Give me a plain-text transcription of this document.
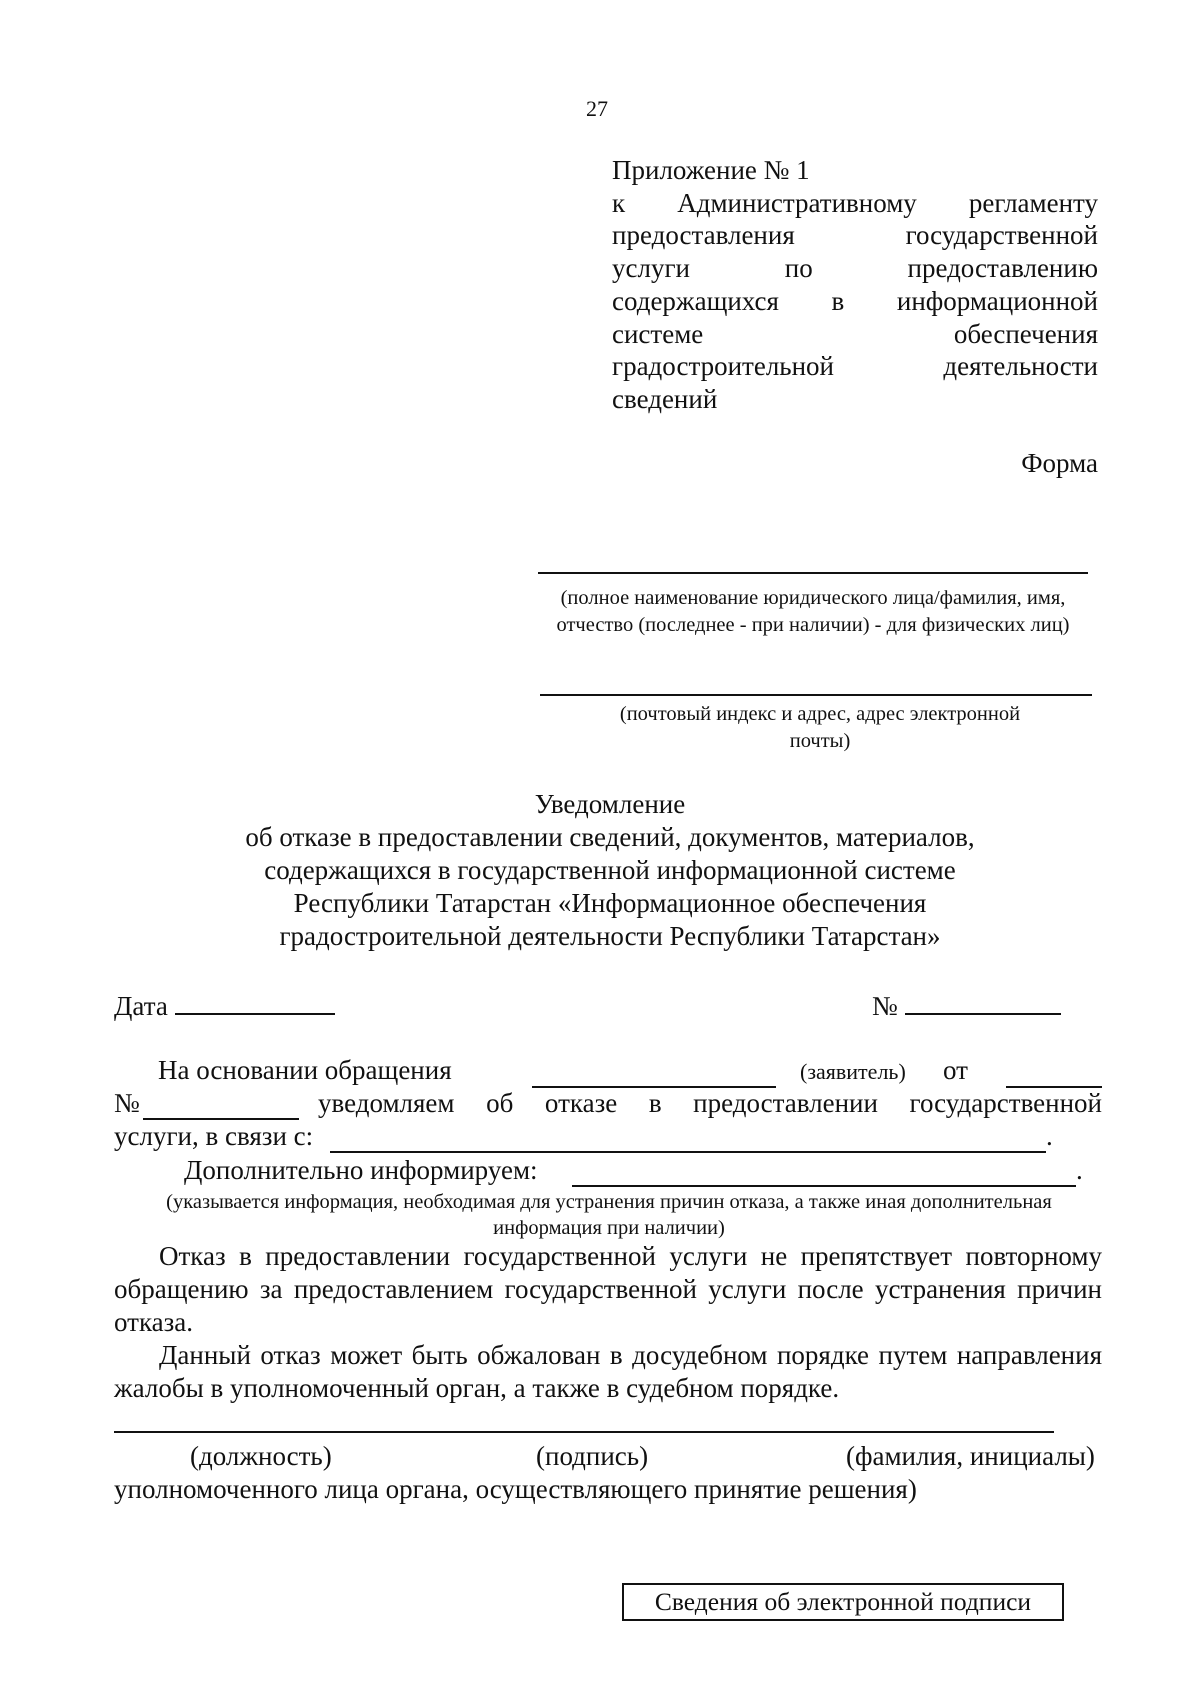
27
Приложение № 1
к Административному регламенту
предоставления государственной
услуги по предоставлению
содержащихся в информационной
системе обеспечения
градостроительной деятельности
сведений
Форма
(полное наименование юридического лица/фамилия, имя, отчество (последнее - при наличии) - для физических лиц)
(почтовый индекс и адрес, адрес электронной почты)
Уведомление
об отказе в предоставлении сведений, документов, материалов,
содержащихся в государственной информационной системе
Республики Татарстан «Информационное обеспечения
градостроительной деятельности Республики Татарстан»
Дата	№
На основании обращения	(заявитель) от
№	уведомляем об отказе в предоставлении государственной
услуги, в связи с:	.
Дополнительно информируем:	.
(указывается информация, необходимая для устранения причин отказа, а также иная дополнительная информация при наличии)
Отказ в предоставлении государственной услуги не препятствует повторному обращению за предоставлением государственной услуги после устранения причин отказа.
Данный отказ может быть обжалован в досудебном порядке путем направления жалобы в уполномоченный орган, а также в судебном порядке.
(должность)	(подпись)	(фамилия, инициалы)
уполномоченного лица органа, осуществляющего принятие решения)
Сведения об электронной подписи
